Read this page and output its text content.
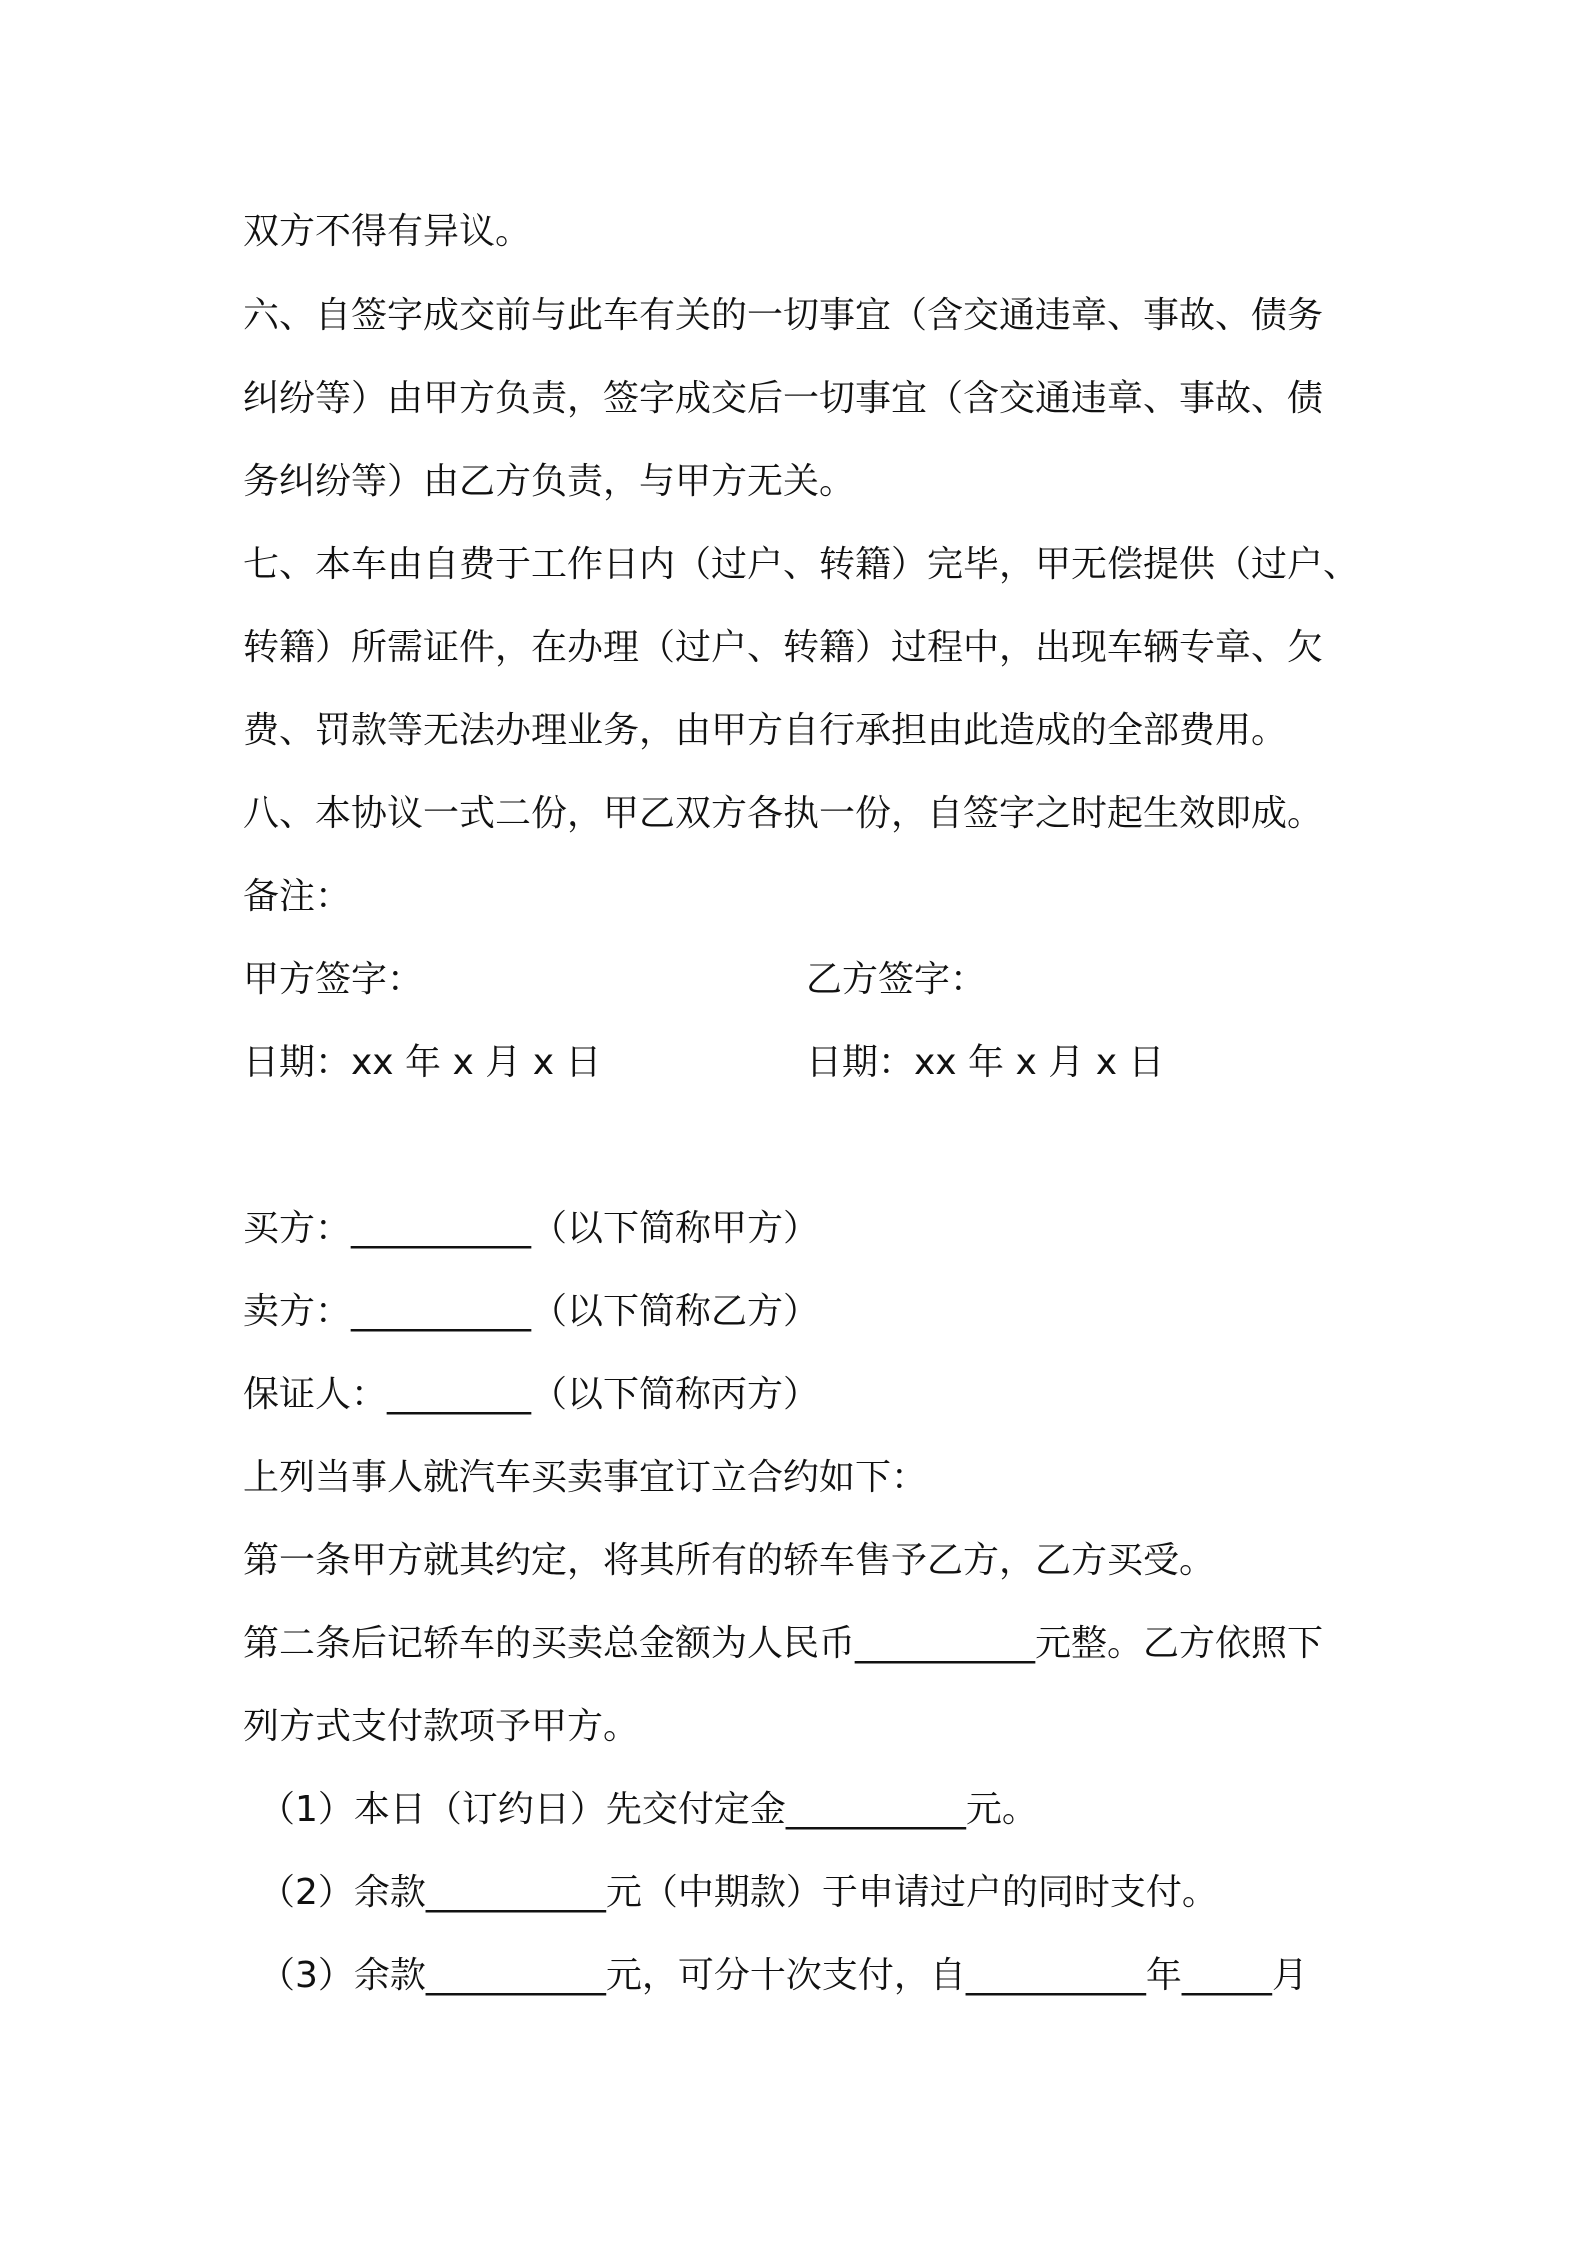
双方不得有异议。
六、自签字成交前与此车有关的一切事宜（含交通违章、事故、债务
纠纷等）由甲方负责，签字成交后一切事宜（含交通违章、事故、债
务纠纷等）由乙方负责，与甲方无关。
七、本车由自费于工作日内（过户、转籍）完毕，甲无偿提供（过户、
转籍）所需证件，在办理（过户、转籍）过程中，出现车辆专章、欠
费、罚款等无法办理业务，由甲方自行承担由此造成的全部费用。
八、本协议一式二份，甲乙双方各执一份，自签字之时起生效即成。
备注：
甲方签字：	乙方签字：
日期：xx 年 x 月 x 日	日期：xx 年 x 月 x 日
买方：__________（以下简称甲方）
卖方：__________（以下简称乙方）
保证人：________（以下简称丙方）
上列当事人就汽车买卖事宜订立合约如下：
第一条甲方就其约定，将其所有的轿车售予乙方，乙方买受。
第二条后记轿车的买卖总金额为人民币__________元整。乙方依照下
列方式支付款项予甲方。
（1）本日（订约日）先交付定金__________元。
（2）余款__________元（中期款）于申请过户的同时支付。
（3）余款__________元，可分十次支付，自__________年_____月
